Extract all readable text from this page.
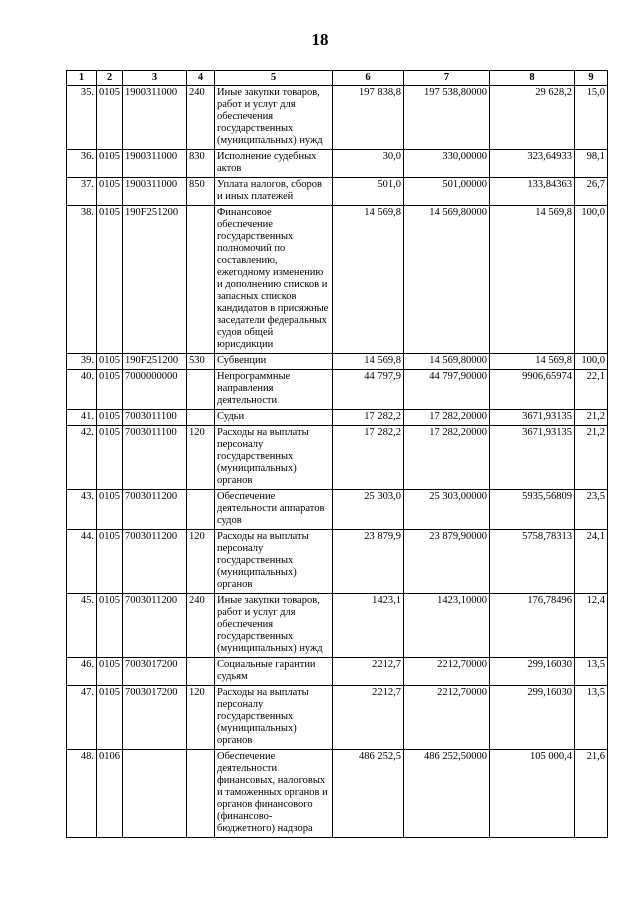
18
1	2	3	4	5	6	7	8	9
35.	0105	1900311000	240	Иные закупки товаров, работ и услуг для обеспечения государственных (муниципальных) нужд	197 838,8	197 538,80000	29 628,2	15,0
36.	0105	1900311000	830	Исполнение судебных актов	30,0	330,00000	323,64933	98,1
37.	0105	1900311000	850	Уплата налогов, сборов и иных платежей	501,0	501,00000	133,84363	26,7
38.	0105	190F251200		Финансовое обеспечение государственных полномочий по составлению, ежегодному изменению и дополнению списков и запасных списков кандидатов в присяжные заседатели федеральных судов общей юрисдикции	14 569,8	14 569,80000	14 569,8	100,0
39.	0105	190F251200	530	Субвенции	14 569,8	14 569,80000	14 569,8	100,0
40.	0105	7000000000		Непрограммные направления деятельности	44 797,9	44 797,90000	9906,65974	22,1
41.	0105	7003011100		Судьи	17 282,2	17 282,20000	3671,93135	21,2
42.	0105	7003011100	120	Расходы на выплаты персоналу государственных (муниципальных) органов	17 282,2	17 282,20000	3671,93135	21,2
43.	0105	7003011200		Обеспечение деятельности аппаратов судов	25 303,0	25 303,00000	5935,56809	23,5
44.	0105	7003011200	120	Расходы на выплаты персоналу государственных (муниципальных) органов	23 879,9	23 879,90000	5758,78313	24,1
45.	0105	7003011200	240	Иные закупки товаров, работ и услуг для обеспечения государственных (муниципальных) нужд	1423,1	1423,10000	176,78496	12,4
46.	0105	7003017200		Социальные гарантии судьям	2212,7	2212,70000	299,16030	13,5
47.	0105	7003017200	120	Расходы на выплаты персоналу государственных (муниципальных) органов	2212,7	2212,70000	299,16030	13,5
48.	0106			Обеспечение деятельности финансовых, налоговых и таможенных органов и органов финансового (финансово-бюджетного) надзора	486 252,5	486 252,50000	105 000,4	21,6
